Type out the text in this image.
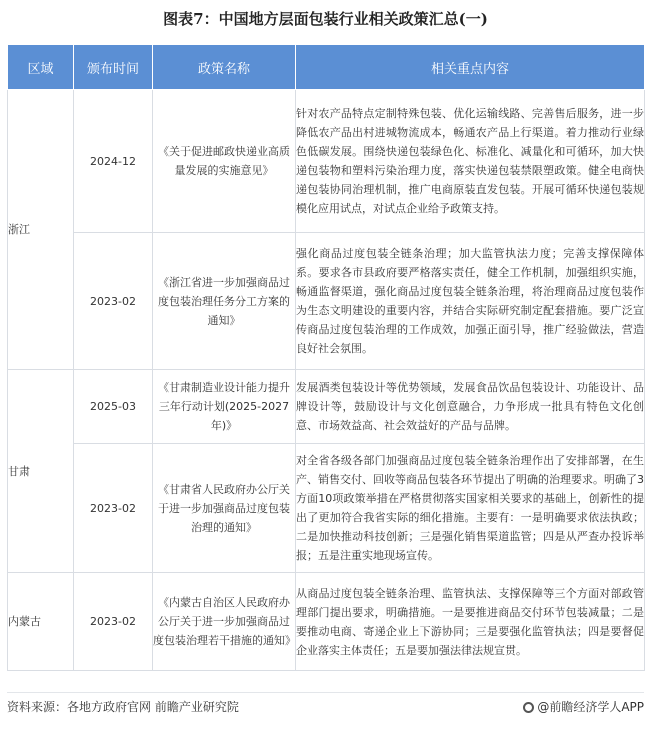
图表7：中国地方层面包装行业相关政策汇总(一)
区域	颁布时间	政策名称	相关重点内容
浙江	2024-12	《关于促进邮政快递业高质量发展的实施意见》	针对农产品特点定制特殊包装、优化运输线路、完善售后服务，进一步降低农产品出村进城物流成本，畅通农产品上行渠道。着力推动行业绿色低碳发展。围绕快递包装绿色化、标准化、减量化和可循环，加大快递包装物和塑料污染治理力度，落实快递包装禁限塑政策。健全电商快递包装协同治理机制，推广电商原装直发包装。开展可循环快递包装规模化应用试点，对试点企业给予政策支持。
	2023-02	《浙江省进一步加强商品过度包装治理任务分工方案的通知》	强化商品过度包装全链条治理；加大监管执法力度；完善支撑保障体系。要求各市县政府要严格落实责任，健全工作机制，加强组织实施，畅通监督渠道，强化商品过度包装全链条治理，将治理商品过度包装作为生态文明建设的重要内容，并结合实际研究制定配套措施。要广泛宣传商品过度包装治理的工作成效，加强正面引导，推广经验做法，营造良好社会氛围。
甘肃	2025-03	《甘肃制造业设计能力提升三年行动计划(2025-2027年)》	发展酒类包装设计等优势领域，发展食品饮品包装设计、功能设计、品牌设计等，鼓励设计与文化创意融合，力争形成一批具有特色文化创意、市场效益高、社会效益好的产品与品牌。
	2023-02	《甘肃省人民政府办公厅关于进一步加强商品过度包装治理的通知》	对全省各级各部门加强商品过度包装全链条治理作出了安排部署，在生产、销售交付、回收等商品包装各环节提出了明确的治理要求。明确了3方面10项政策举措在严格贯彻落实国家相关要求的基础上，创新性的提出了更加符合我省实际的细化措施。主要有：一是明确要求依法执政；二是加快推动科技创新；三是强化销售渠道监管；四是从严查办投诉举报；五是注重实地现场宣传。
内蒙古	2023-02	《内蒙古自治区人民政府办公厅关于进一步加强商品过度包装治理若干措施的通知》	从商品过度包装全链条治理、监管执法、支撑保障等三个方面对部政管理部门提出要求，明确措施。一是要推进商品交付环节包装减量；二是要推动电商、寄递企业上下游协同；三是要强化监管执法；四是要督促企业落实主体责任；五是要加强法律法规宣贯。
资料来源：各地方政府官网 前瞻产业研究院	@前瞻经济学人APP
